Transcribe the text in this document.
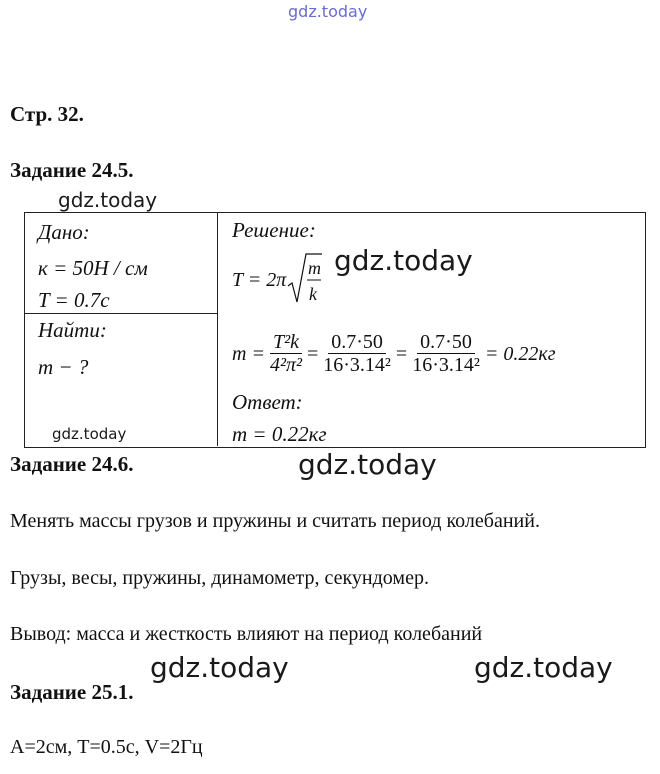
gdz.today
Стр. 32.
Задание 24.5.
gdz.today
Дано:
к = 50Н / см
T = 0.7с
Найти:
m − ?
gdz.today
Решение:
T = 2π
m
k
gdz.today
$m = \frac{\text{T²k}}{\text{4²π²}} = \frac{0.7\cdot 50}{\text{16·3.14²}} = \frac{0.7\cdot 50}{\text{16·3.14²}} = 0.22кг$
Ответ:
m = 0.22кг
Задание 24.6.	gdz.today
Менять массы грузов и пружины и считать период колебаний.
Грузы, весы, пружины, динамометр, секундомер.
Вывод: масса и жесткость влияют на период колебаний
gdz.today	gdz.today
Задание 25.1.
A=2см, T=0.5с, V=2Гц
